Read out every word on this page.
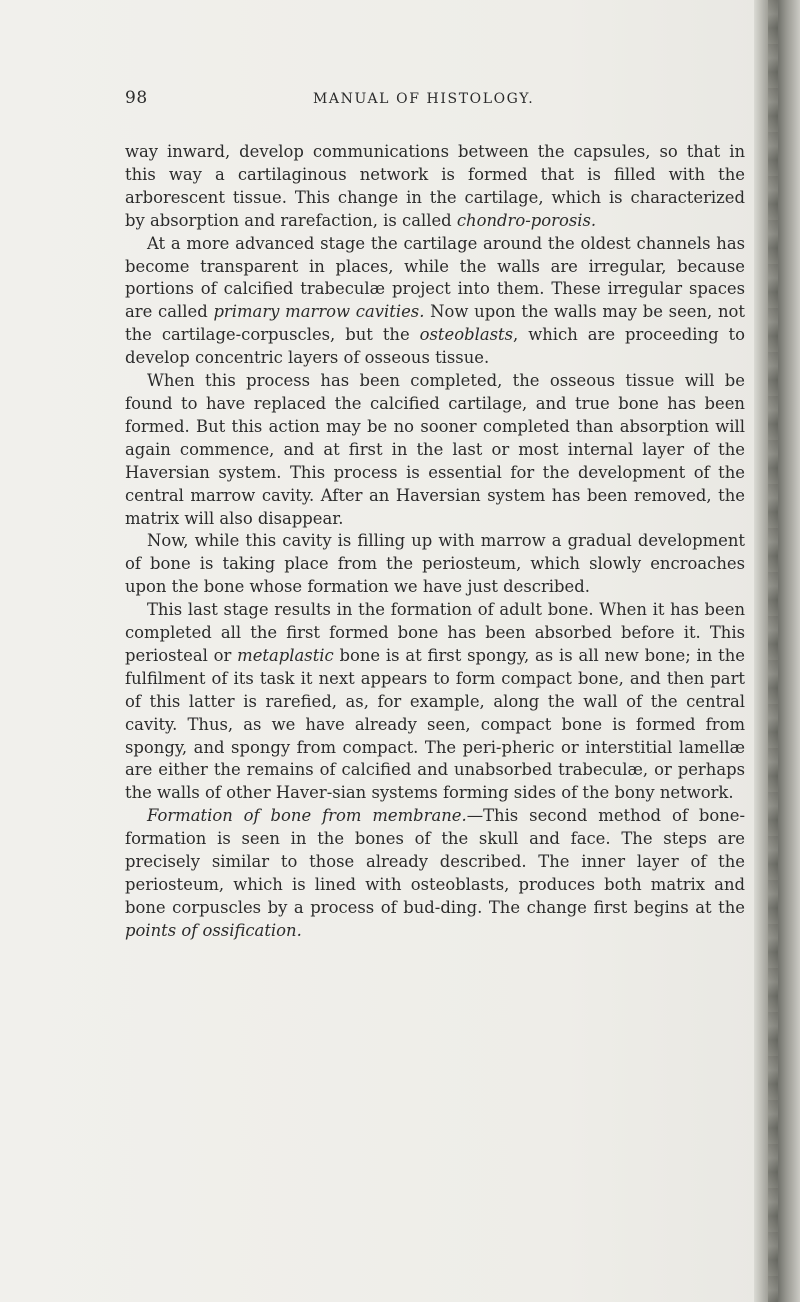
98	MANUAL OF HISTOLOGY.

way inward, develop communications between the capsules, so that in this way a cartilaginous network is formed that is filled with the arborescent tissue. This change in the cartilage, which is characterized by absorption and rarefaction, is called chondro-porosis.

At a more advanced stage the cartilage around the oldest channels has become transparent in places, while the walls are irregular, because portions of calcified trabeculæ project into them. These irregular spaces are called primary marrow cavities. Now upon the walls may be seen, not the cartilage-corpuscles, but the osteoblasts, which are proceeding to develop concentric layers of osseous tissue.

When this process has been completed, the osseous tissue will be found to have replaced the calcified cartilage, and true bone has been formed. But this action may be no sooner completed than absorption will again commence, and at first in the last or most internal layer of the Haversian system. This process is essential for the development of the central marrow cavity. After an Haversian system has been removed, the matrix will also disappear.

Now, while this cavity is filling up with marrow a gradual development of bone is taking place from the periosteum, which slowly encroaches upon the bone whose formation we have just described.

This last stage results in the formation of adult bone. When it has been completed all the first formed bone has been absorbed before it. This periosteal or metaplastic bone is at first spongy, as is all new bone; in the fulfilment of its task it next appears to form compact bone, and then part of this latter is rarefied, as, for example, along the wall of the central cavity. Thus, as we have already seen, compact bone is formed from spongy, and spongy from compact. The peri-pheric or interstitial lamellæ are either the remains of calcified and unabsorbed trabeculæ, or perhaps the walls of other Haver-sian systems forming sides of the bony network.

Formation of bone from membrane.—This second method of bone-formation is seen in the bones of the skull and face. The steps are precisely similar to those already described. The inner layer of the periosteum, which is lined with osteoblasts, produces both matrix and bone corpuscles by a process of bud-ding. The change first begins at the points of ossification.
